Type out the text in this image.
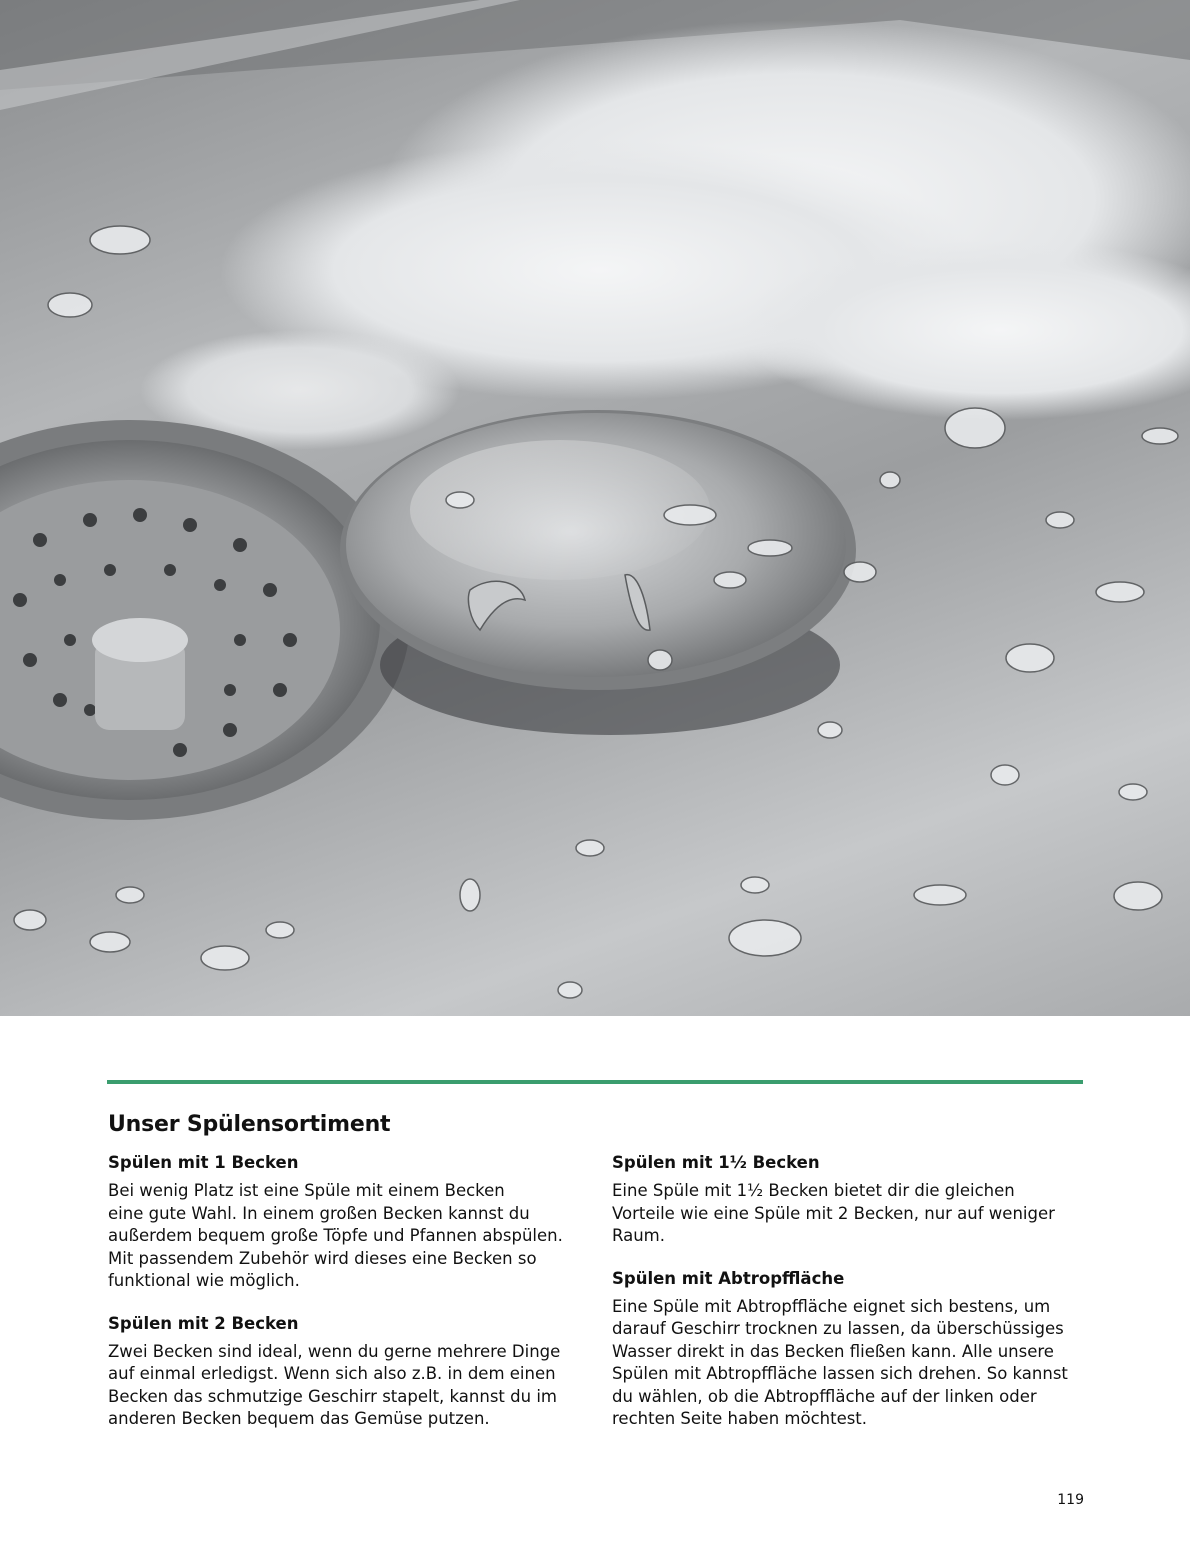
Unser Spülensortiment
Spülen mit 1 Becken

Bei wenig Platz ist eine Spüle mit einem Becken
eine gute Wahl. In einem großen Becken kannst du
außerdem bequem große Töpfe und Pfannen abspülen.
Mit passendem Zubehör wird dieses eine Becken so
funktional wie möglich.

Spülen mit 2 Becken

Zwei Becken sind ideal, wenn du gerne mehrere Dinge
auf einmal erledigst. Wenn sich also z.B. in dem einen
Becken das schmutzige Geschirr stapelt, kannst du im
anderen Becken bequem das Gemüse putzen.

Spülen mit 1½ Becken

Eine Spüle mit 1½ Becken bietet dir die gleichen
Vorteile wie eine Spüle mit 2 Becken, nur auf weniger
Raum.

Spülen mit Abtropffläche

Eine Spüle mit Abtropffläche eignet sich bestens, um
darauf Geschirr trocknen zu lassen, da überschüssiges
Wasser direkt in das Becken fließen kann. Alle unsere
Spülen mit Abtropffläche lassen sich drehen. So kannst
du wählen, ob die Abtropffläche auf der linken oder
rechten Seite haben möchtest.

119
